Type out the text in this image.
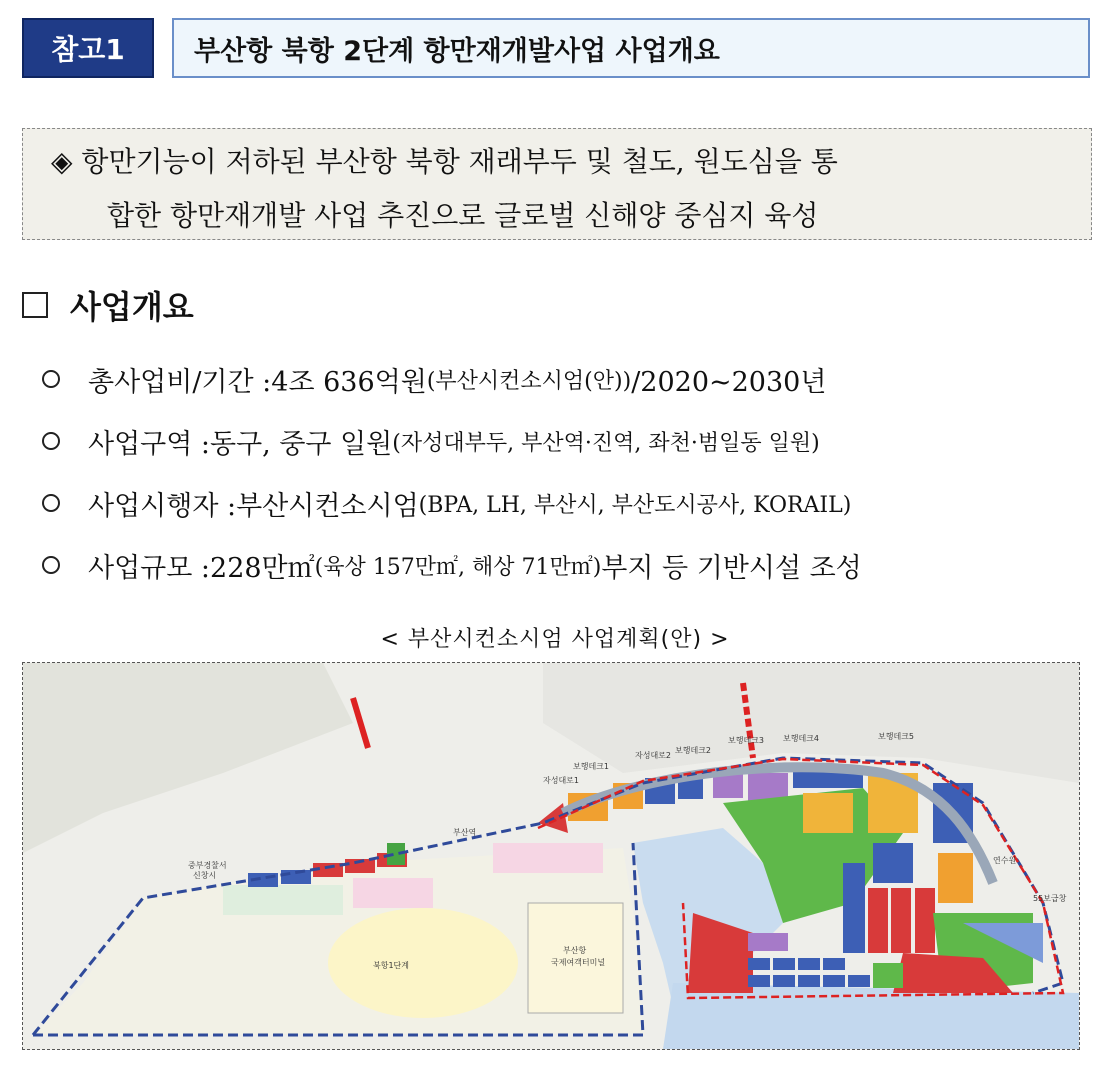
참고1	부산항 북항 2단계 항만재개발사업 사업개요
◈ 항만기능이 저하된 부산항 북항 재래부두 및 철도, 원도심을 통
합한 항만재개발 사업 추진으로 글로벌 신해양 중심지 육성
사업개요
총사업비/기간 : 4조 636억원 (부산시컨소시엄(안)) /2020~2030년
사업구역 : 동구, 중구 일원 (자성대부두, 부산역·진역, 좌천·범일동 일원)
사업시행자 : 부산시컨소시엄 (BPA, LH, 부산시, 부산도시공사, KORAIL)
사업규모 : 228만㎡ (육상 157만㎡, 해상 71만㎡) 부지 등 기반시설 조성
< 부산시컨소시엄 사업계획(안) >
부산역
북항1단계
부산항
국제여객터미널
중부경찰서
신창시
연수원
55보급창
자성대로1
보행데크1
자성대로2
보행데크2
보행데크3 보행데크4	보행데크5
